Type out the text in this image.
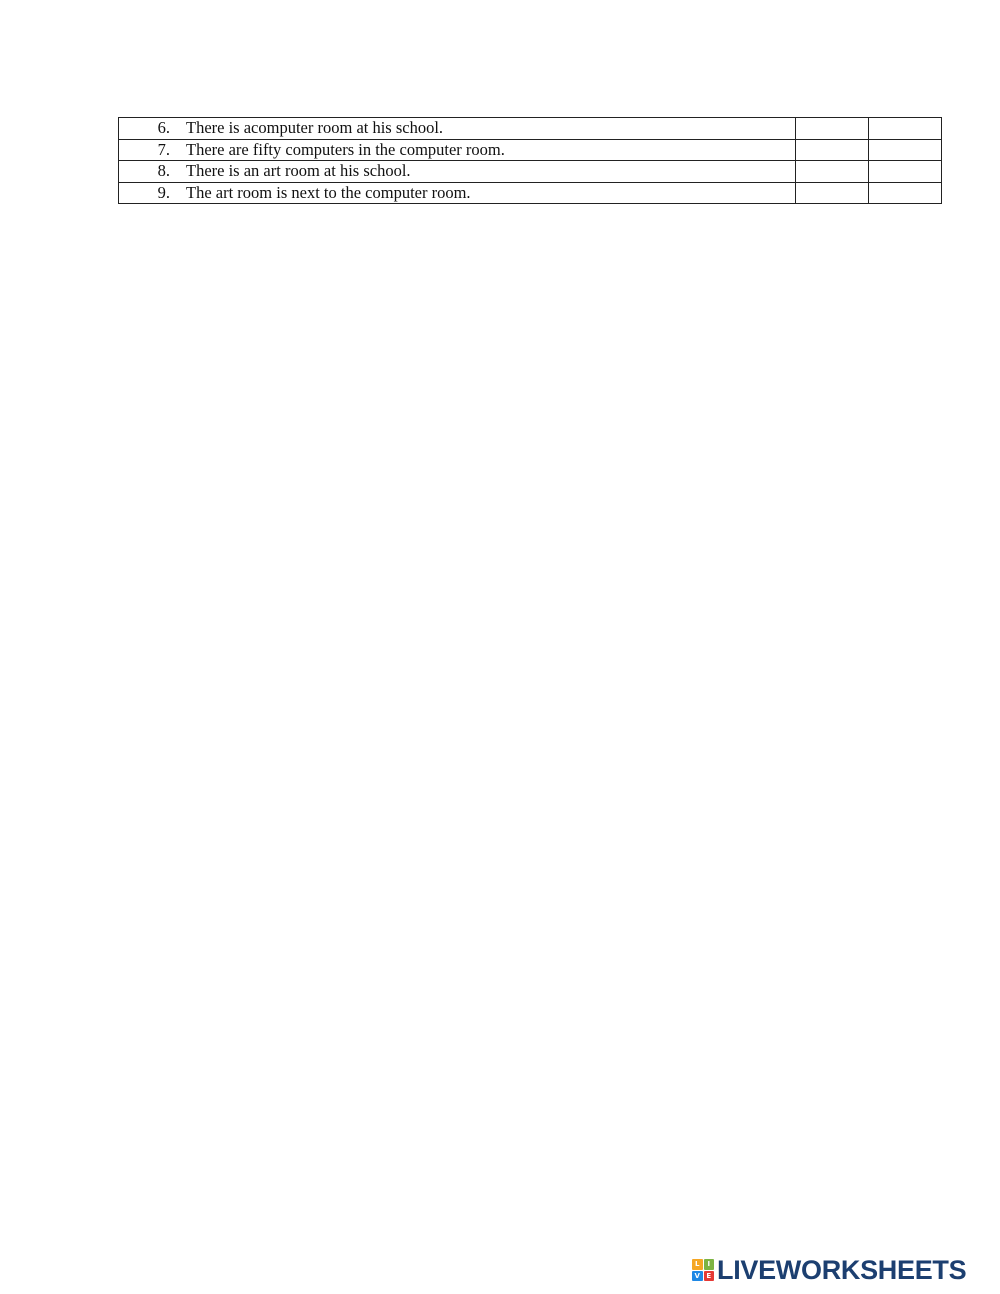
6. There is acomputer room at his school.		

7. There are fifty computers in the computer room.		

8. There is an art room at his school.		

9. The art room is next to the computer room.		

L	I
V E LIVEWORKSHEETS
